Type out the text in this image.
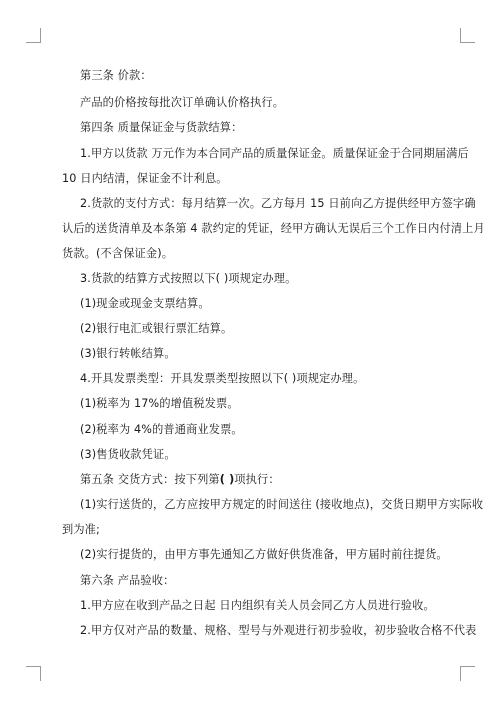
第三条 价款：
产品的价格按每批次订单确认价格执行。
第四条 质量保证金与货款结算：
1.甲方以货款 万元作为本合同产品的质量保证金。质量保证金于合同期届满后
10 日内结清，保证金不计利息。
2.货款的支付方式：每月结算一次。乙方每月 15 日前向乙方提供经甲方签字确
认后的送货清单及本条第 4 款约定的凭证，经甲方确认无误后三个工作日内付清上月
货款。(不含保证金)。
3.货款的结算方式按照以下( )项规定办理。
(1)现金或现金支票结算。
(2)银行电汇或银行票汇结算。
(3)银行转帐结算。
4.开具发票类型：开具发票类型按照以下( )项规定办理。
(1)税率为 17%的增值税发票。
(2)税率为 4%的普通商业发票。
(3)售货收款凭证。
第五条 交货方式：按下列第( )项执行：
(1)实行送货的，乙方应按甲方规定的时间送往 (接收地点)，交货日期甲方实际收
到为准;
(2)实行提货的，由甲方事先通知乙方做好供货准备，甲方届时前往提货。
第六条 产品验收：
1.甲方应在收到产品之日起 日内组织有关人员会同乙方人员进行验收。
2.甲方仅对产品的数量、规格、型号与外观进行初步验收，初步验收合格不代表
